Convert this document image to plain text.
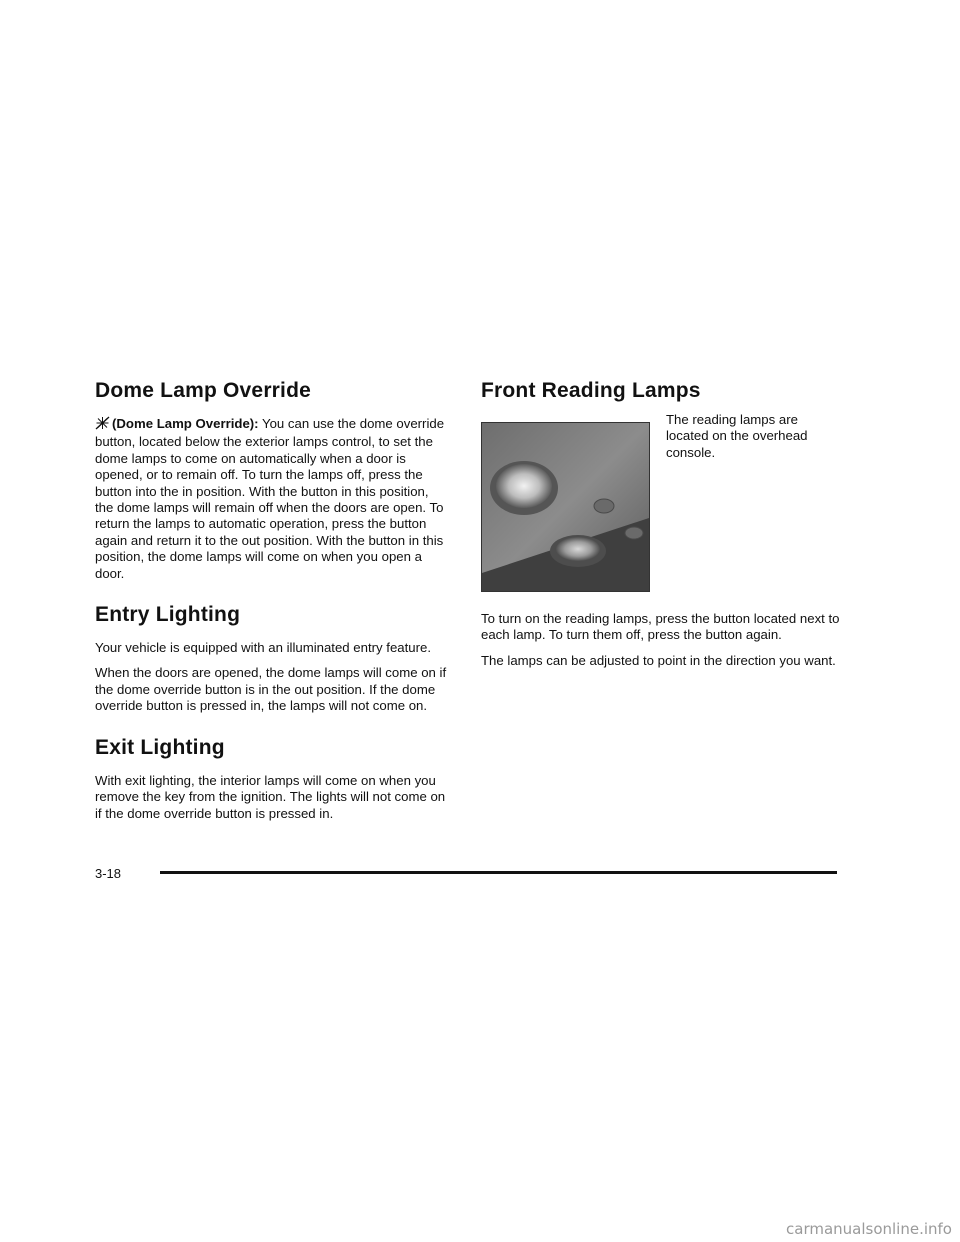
Dome Lamp Override

(Dome Lamp Override): You can use the dome override button, located below the exterior lamps control, to set the dome lamps to come on automatically when a door is opened, or to remain off. To turn the lamps off, press the button into the in position. With the button in this position, the dome lamps will remain off when the doors are open. To return the lamps to automatic operation, press the button again and return it to the out position. With the button in this position, the dome lamps will come on when you open a door.

Entry Lighting

Your vehicle is equipped with an illuminated entry feature.

When the doors are opened, the dome lamps will come on if the dome override button is in the out position. If the dome override button is pressed in, the lamps will not come on.

Exit Lighting

With exit lighting, the interior lamps will come on when you remove the key from the ignition. The lights will not come on if the dome override button is pressed in.

Front Reading Lamps

The reading lamps are located on the overhead console.

To turn on the reading lamps, press the button located next to each lamp. To turn them off, press the button again.

The lamps can be adjusted to point in the direction you want.

3-18
carmanualsonline.info
